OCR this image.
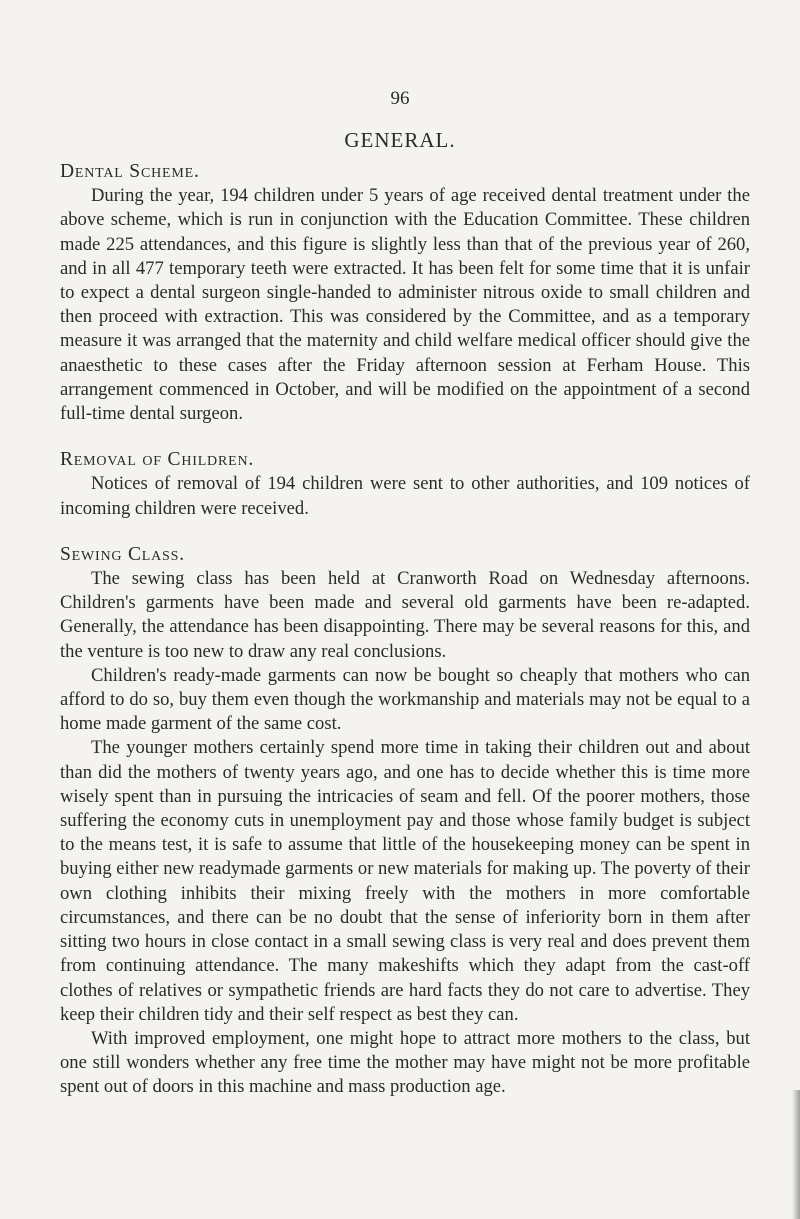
96
GENERAL.

Dental Scheme.

During the year, 194 children under 5 years of age received dental treatment under the above scheme, which is run in conjunction with the Education Committee. These children made 225 attendances, and this figure is slightly less than that of the previous year of 260, and in all 477 temporary teeth were extracted. It has been felt for some time that it is unfair to expect a dental surgeon single-handed to administer nitrous oxide to small children and then proceed with extraction. This was considered by the Committee, and as a temporary measure it was arranged that the maternity and child welfare medical officer should give the anaesthetic to these cases after the Friday afternoon session at Ferham House. This arrangement commenced in October, and will be modified on the appointment of a second full-time dental surgeon.

Removal of Children.

Notices of removal of 194 children were sent to other authorities, and 109 notices of incoming children were received.

Sewing Class.

The sewing class has been held at Cranworth Road on Wednesday afternoons. Children's garments have been made and several old garments have been re-adapted. Generally, the attendance has been disappointing. There may be several reasons for this, and the venture is too new to draw any real conclusions.

Children's ready-made garments can now be bought so cheaply that mothers who can afford to do so, buy them even though the workmanship and materials may not be equal to a home made garment of the same cost.

The younger mothers certainly spend more time in taking their children out and about than did the mothers of twenty years ago, and one has to decide whether this is time more wisely spent than in pursuing the intricacies of seam and fell. Of the poorer mothers, those suffering the economy cuts in unemployment pay and those whose family budget is subject to the means test, it is safe to assume that little of the housekeeping money can be spent in buying either new readymade garments or new materials for making up. The poverty of their own clothing inhibits their mixing freely with the mothers in more comfortable circumstances, and there can be no doubt that the sense of inferiority born in them after sitting two hours in close contact in a small sewing class is very real and does prevent them from continuing attendance. The many makeshifts which they adapt from the cast-off clothes of relatives or sympathetic friends are hard facts they do not care to advertise. They keep their children tidy and their self respect as best they can.

With improved employment, one might hope to attract more mothers to the class, but one still wonders whether any free time the mother may have might not be more profitable spent out of doors in this machine and mass production age.
